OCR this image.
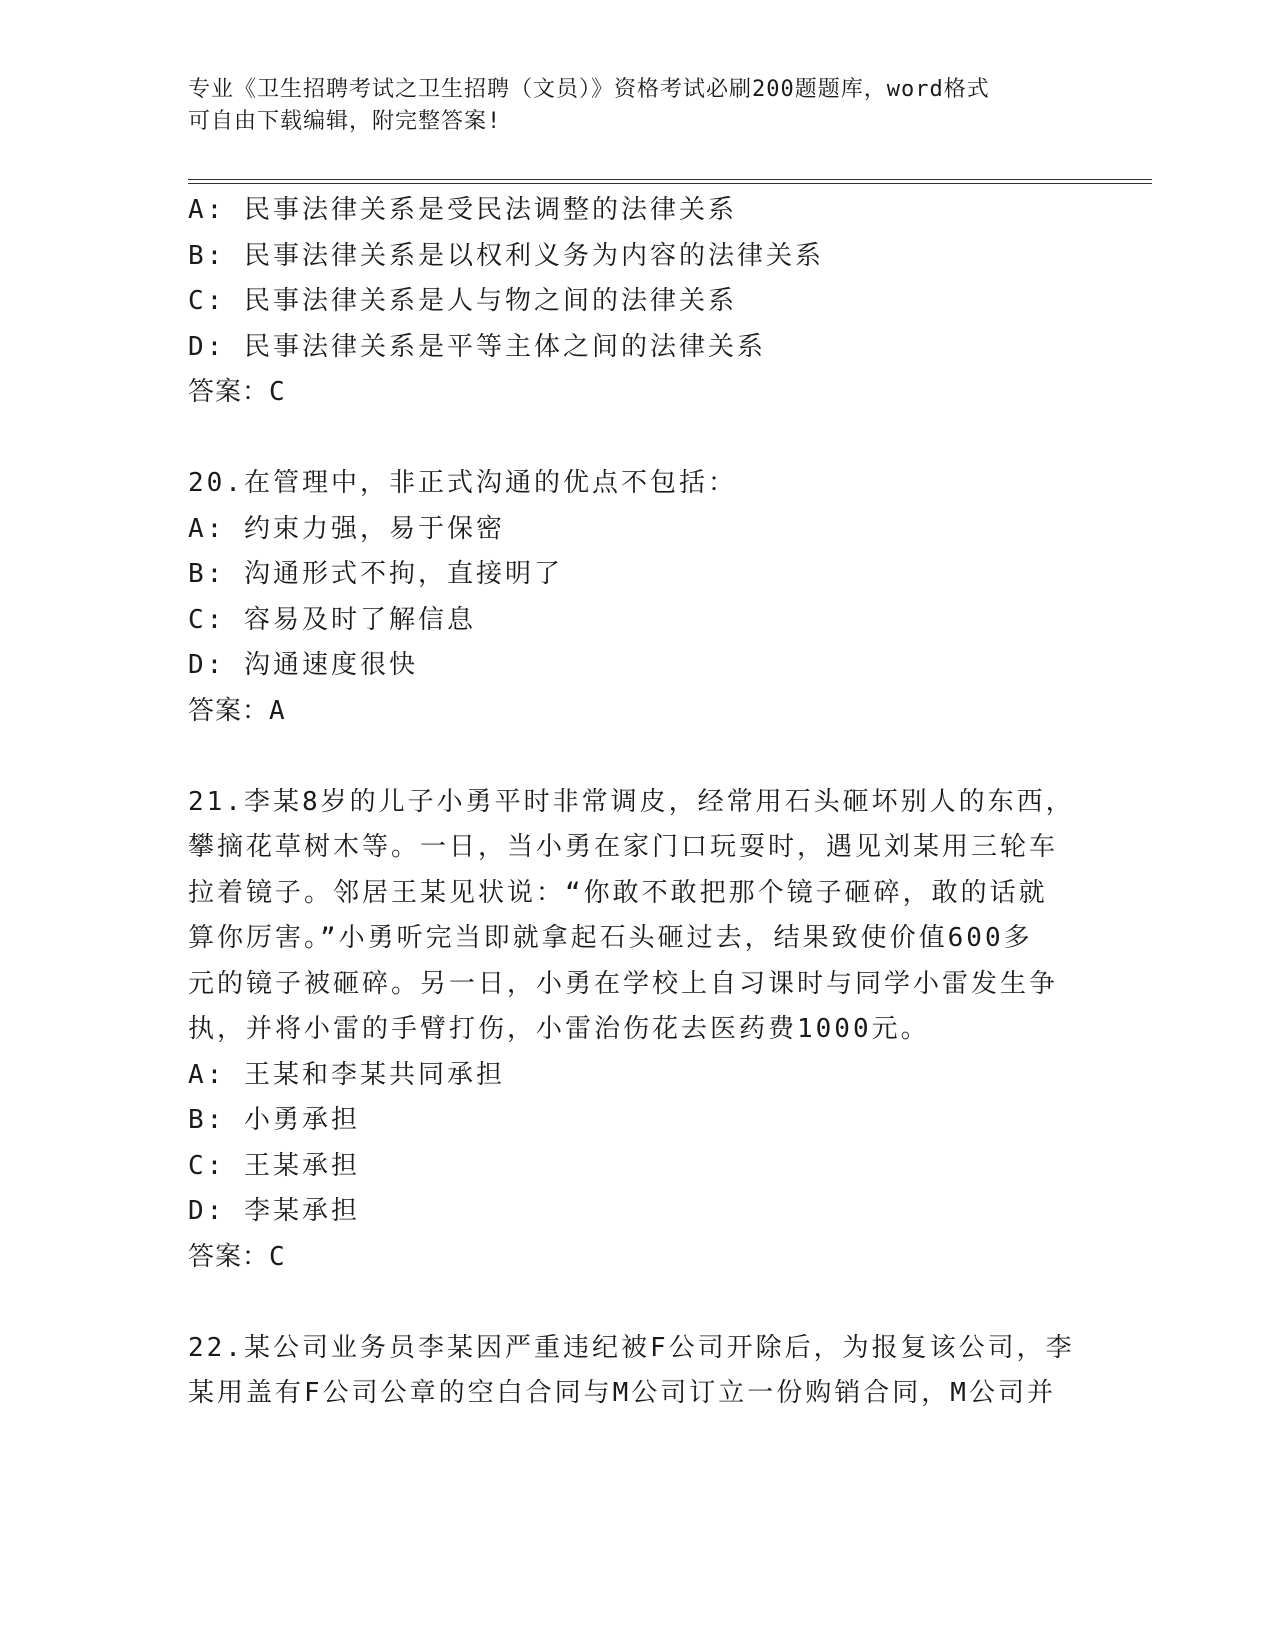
专业《卫生招聘考试之卫生招聘（文员）》资格考试必刷200题题库，word格式
可自由下载编辑，附完整答案!
A: 民事法律关系是受民法调整的法律关系
B: 民事法律关系是以权利义务为内容的法律关系
C: 民事法律关系是人与物之间的法律关系
D: 民事法律关系是平等主体之间的法律关系
答案：C
20.在管理中，非正式沟通的优点不包括：
A: 约束力强，易于保密
B: 沟通形式不拘，直接明了
C: 容易及时了解信息
D: 沟通速度很快
答案：A
21.李某8岁的儿子小勇平时非常调皮，经常用石头砸坏别人的东西，
攀摘花草树木等。一日，当小勇在家门口玩耍时，遇见刘某用三轮车
拉着镜子。邻居王某见状说：“你敢不敢把那个镜子砸碎，敢的话就
算你厉害。”小勇听完当即就拿起石头砸过去，结果致使价值600多
元的镜子被砸碎。另一日，小勇在学校上自习课时与同学小雷发生争
执，并将小雷的手臂打伤，小雷治伤花去医药费1000元。
A: 王某和李某共同承担
B: 小勇承担
C: 王某承担
D: 李某承担
答案：C
22.某公司业务员李某因严重违纪被F公司开除后，为报复该公司，李
某用盖有F公司公章的空白合同与M公司订立一份购销合同，M公司并
